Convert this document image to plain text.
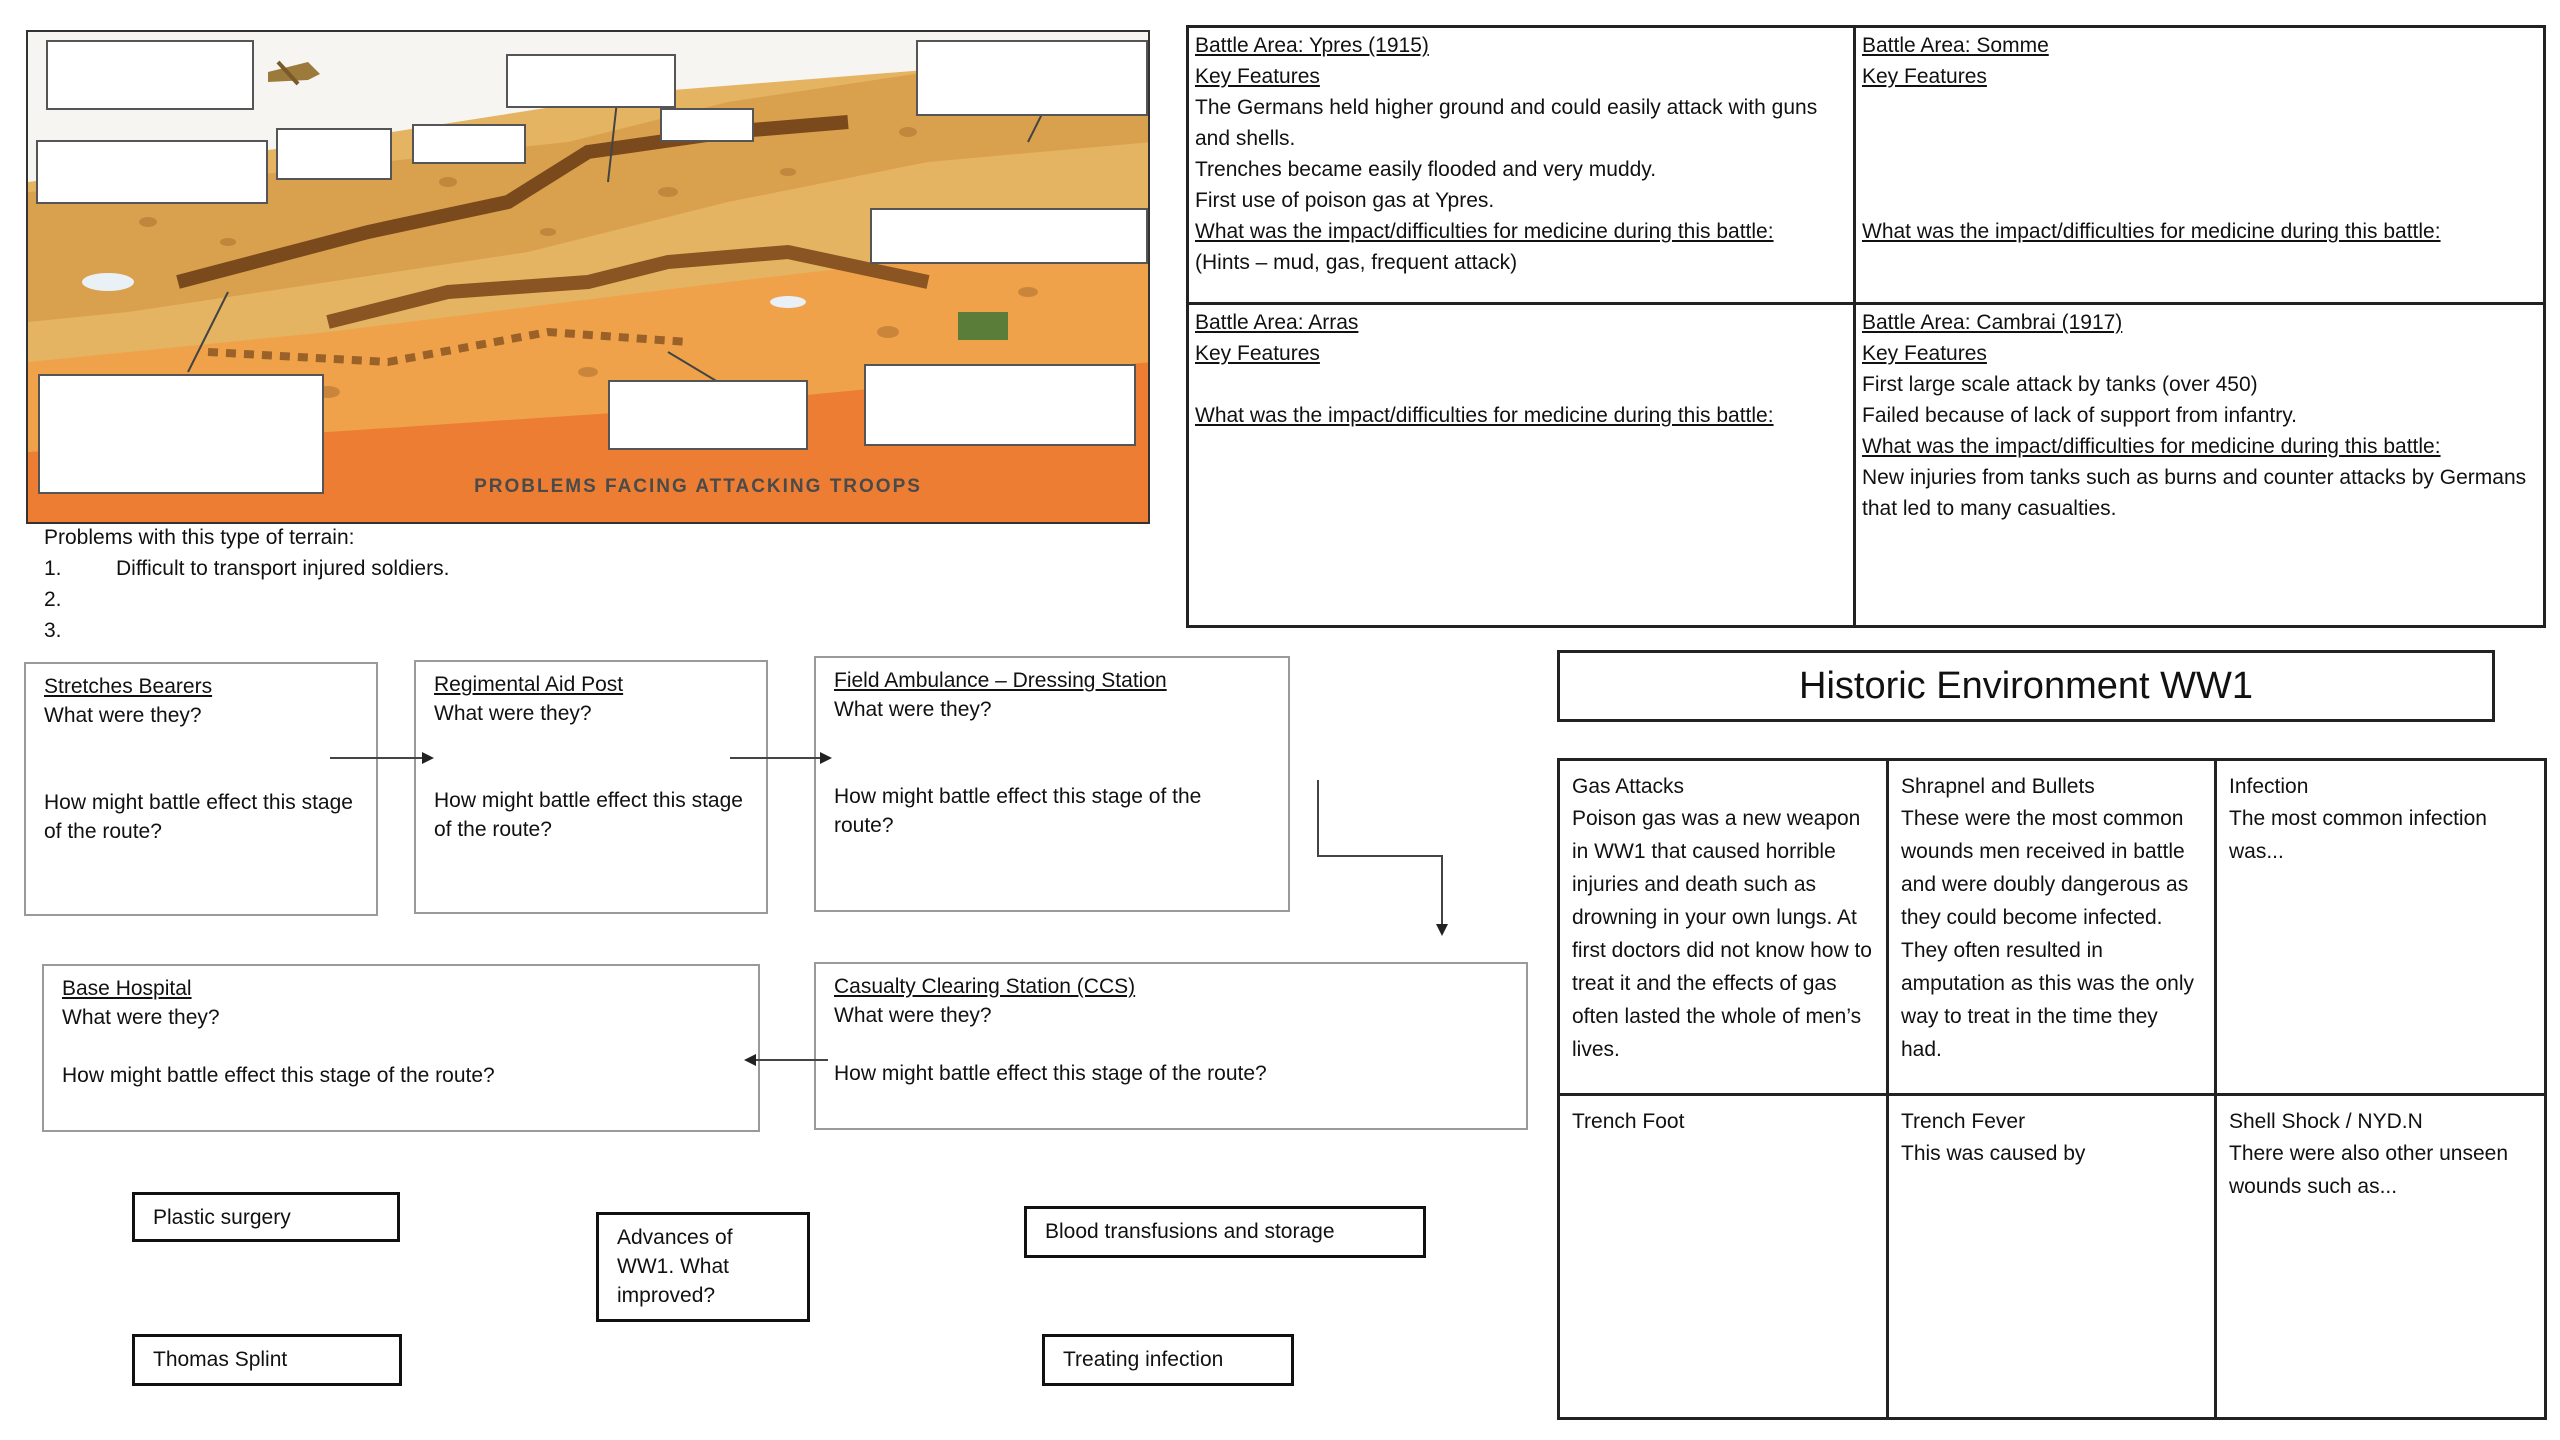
PROBLEMS FACING ATTACKING TROOPS

Problems with this type of terrain:

1.	Difficult to transport injured soldiers.

2.

3.

Battle Area: Ypres (1915)

Key Features

The Germans held higher ground and could easily attack with guns and shells.

Trenches became easily flooded and very muddy.

First use of poison gas at Ypres.

What was the impact/difficulties for medicine during this battle:

(Hints – mud, gas, frequent attack)

Battle Area: Somme

Key Features

What was the impact/difficulties for medicine during this battle:

Battle Area: Arras

Key Features

What was the impact/difficulties for medicine during this battle:

Battle Area: Cambrai (1917)

Key Features

First large scale attack by tanks (over 450)

Failed because of lack of support from infantry.

What was the impact/difficulties for medicine during this battle:

New injuries from tanks such as burns and counter attacks by Germans that led to many casualties.

Stretches Bearers
What were they?
How might battle effect this stage of the route?
Regimental Aid Post
What were they?
How might battle effect this stage of the route?
Field Ambulance – Dressing Station
What were they?
How might battle effect this stage of the route?
Casualty Clearing Station (CCS)
What were they?
How might battle effect this stage of the route?
Base Hospital
What were they?
How might battle effect this stage of the route?
Plastic surgery
Thomas Splint
Advances of WW1. What improved?
Blood transfusions and storage
Treating infection
Historic Environment WW1
Gas Attacks
Poison gas was a new weapon in WW1 that caused horrible injuries and death such as drowning in your own lungs. At first doctors did not know how to treat it and the effects of gas often lasted the whole of men’s lives.
Shrapnel and Bullets
These were the most common wounds men received in battle and were doubly dangerous as they could become infected. They often resulted in amputation as this was the only way to treat in the time they had.
Infection
The most common infection was...
Trench Foot	Trench Fever
This was caused by
Shell Shock / NYD.N
There were also other unseen wounds such as...
